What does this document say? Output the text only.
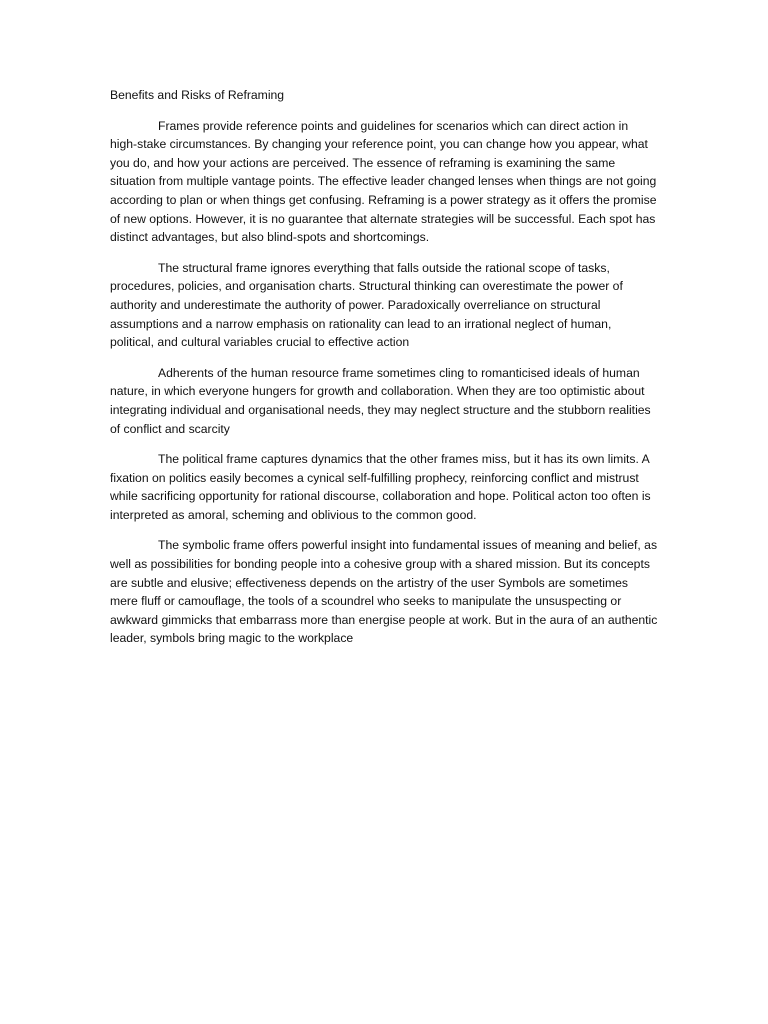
Benefits and Risks of Reframing

Frames provide reference points and guidelines for scenarios which can direct action in high-stake circumstances. By changing your reference point, you can change how you appear, what you do, and how your actions are perceived. The essence of reframing is examining the same situation from multiple vantage points. The effective leader changed lenses when things are not going according to plan or when things get confusing. Reframing is a power strategy as it offers the promise of new options. However, it is no guarantee that alternate strategies will be successful. Each spot has distinct advantages, but also blind-spots and shortcomings.

The structural frame ignores everything that falls outside the rational scope of tasks, procedures, policies, and organisation charts. Structural thinking can overestimate the power of authority and underestimate the authority of power. Paradoxically overreliance on structural assumptions and a narrow emphasis on rationality can lead to an irrational neglect of human, political, and cultural variables crucial to effective action

Adherents of the human resource frame sometimes cling to romanticised ideals of human nature, in which everyone hungers for growth and collaboration. When they are too optimistic about integrating individual and organisational needs, they may neglect structure and the stubborn realities of conflict and scarcity

The political frame captures dynamics that the other frames miss, but it has its own limits. A fixation on politics easily becomes a cynical self-fulfilling prophecy, reinforcing conflict and mistrust while sacrificing opportunity for rational discourse, collaboration and hope. Political acton too often is interpreted as amoral, scheming and oblivious to the common good.

The symbolic frame offers powerful insight into fundamental issues of meaning and belief, as well as possibilities for bonding people into a cohesive group with a shared mission. But its concepts are subtle and elusive; effectiveness depends on the artistry of the user Symbols are sometimes mere fluff or camouflage, the tools of a scoundrel who seeks to manipulate the unsuspecting or awkward gimmicks that embarrass more than energise people at work. But in the aura of an authentic leader, symbols bring magic to the workplace
